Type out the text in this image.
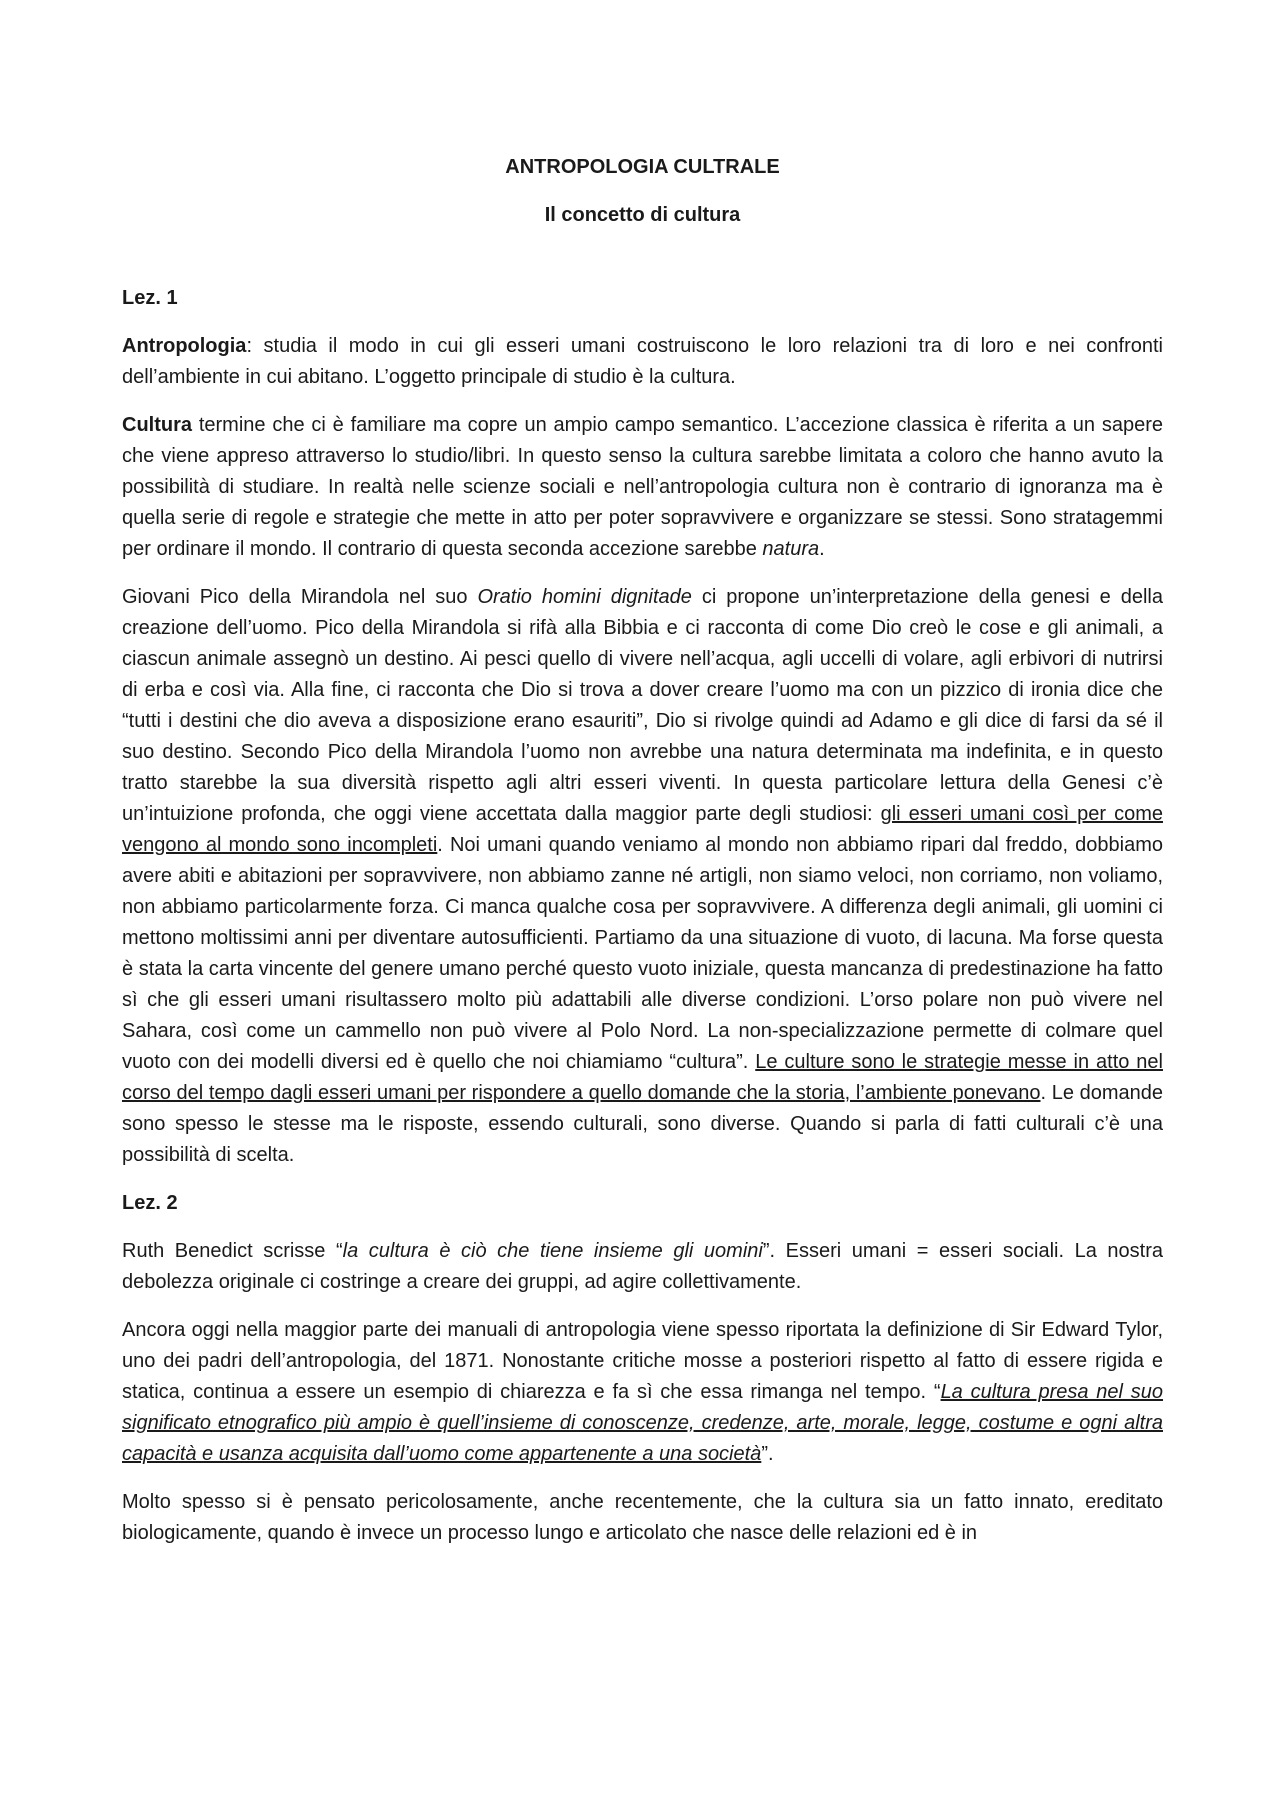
ANTROPOLOGIA CULTRALE

Il concetto di cultura

Lez. 1

Antropologia: studia il modo in cui gli esseri umani costruiscono le loro relazioni tra di loro e nei confronti dell’ambiente in cui abitano. L’oggetto principale di studio è la cultura.

Cultura termine che ci è familiare ma copre un ampio campo semantico. L’accezione classica è riferita a un sapere che viene appreso attraverso lo studio/libri. In questo senso la cultura sarebbe limitata a coloro che hanno avuto la possibilità di studiare. In realtà nelle scienze sociali e nell’antropologia cultura non è contrario di ignoranza ma è quella serie di regole e strategie che mette in atto per poter sopravvivere e organizzare se stessi. Sono stratagemmi per ordinare il mondo. Il contrario di questa seconda accezione sarebbe natura.

Giovani Pico della Mirandola nel suo Oratio homini dignitade ci propone un’interpretazione della genesi e della creazione dell’uomo. Pico della Mirandola si rifà alla Bibbia e ci racconta di come Dio creò le cose e gli animali, a ciascun animale assegnò un destino. Ai pesci quello di vivere nell’acqua, agli uccelli di volare, agli erbivori di nutrirsi di erba e così via. Alla fine, ci racconta che Dio si trova a dover creare l’uomo ma con un pizzico di ironia dice che “tutti i destini che dio aveva a disposizione erano esauriti”, Dio si rivolge quindi ad Adamo e gli dice di farsi da sé il suo destino. Secondo Pico della Mirandola l’uomo non avrebbe una natura determinata ma indefinita, e in questo tratto starebbe la sua diversità rispetto agli altri esseri viventi. In questa particolare lettura della Genesi c’è un’intuizione profonda, che oggi viene accettata dalla maggior parte degli studiosi: gli esseri umani così per come vengono al mondo sono incompleti. Noi umani quando veniamo al mondo non abbiamo ripari dal freddo, dobbiamo avere abiti e abitazioni per sopravvivere, non abbiamo zanne né artigli, non siamo veloci, non corriamo, non voliamo, non abbiamo particolarmente forza. Ci manca qualche cosa per sopravvivere. A differenza degli animali, gli uomini ci mettono moltissimi anni per diventare autosufficienti. Partiamo da una situazione di vuoto, di lacuna. Ma forse questa è stata la carta vincente del genere umano perché questo vuoto iniziale, questa mancanza di predestinazione ha fatto sì che gli esseri umani risultassero molto più adattabili alle diverse condizioni. L’orso polare non può vivere nel Sahara, così come un cammello non può vivere al Polo Nord. La non-specializzazione permette di colmare quel vuoto con dei modelli diversi ed è quello che noi chiamiamo “cultura”. Le culture sono le strategie messe in atto nel corso del tempo dagli esseri umani per rispondere a quello domande che la storia, l’ambiente ponevano. Le domande sono spesso le stesse ma le risposte, essendo culturali, sono diverse. Quando si parla di fatti culturali c’è una possibilità di scelta.

Lez. 2

Ruth Benedict scrisse “la cultura è ciò che tiene insieme gli uomini”. Esseri umani = esseri sociali. La nostra debolezza originale ci costringe a creare dei gruppi, ad agire collettivamente.

Ancora oggi nella maggior parte dei manuali di antropologia viene spesso riportata la definizione di Sir Edward Tylor, uno dei padri dell’antropologia, del 1871. Nonostante critiche mosse a posteriori rispetto al fatto di essere rigida e statica, continua a essere un esempio di chiarezza e fa sì che essa rimanga nel tempo. “La cultura presa nel suo significato etnografico più ampio è quell’insieme di conoscenze, credenze, arte, morale, legge, costume e ogni altra capacità e usanza acquisita dall’uomo come appartenente a una società”.

Molto spesso si è pensato pericolosamente, anche recentemente, che la cultura sia un fatto innato, ereditato biologicamente, quando è invece un processo lungo e articolato che nasce delle relazioni ed è in
